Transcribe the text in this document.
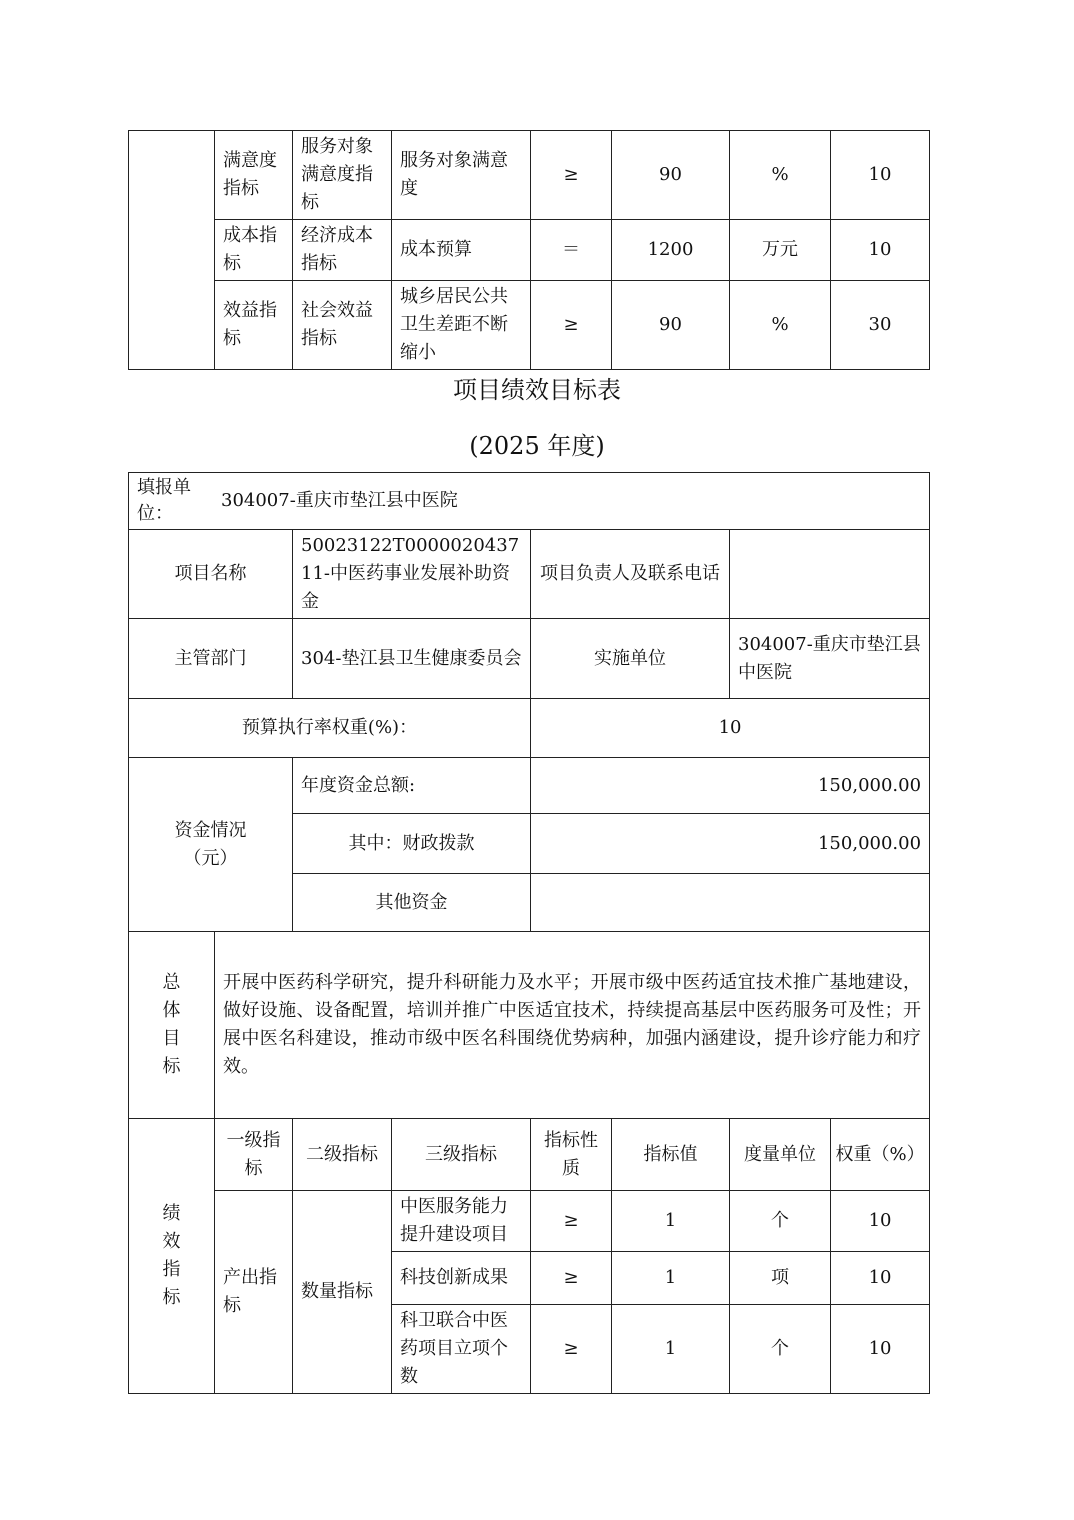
	满意度指标	服务对象满意度指标	服务对象满意度	≥	90	%	10
	成本指标	经济成本指标	成本预算	＝	1200	万元	10
	效益指标	社会效益指标	城乡居民公共卫生差距不断缩小	≥	90	%	30
项目绩效目标表
(2025 年度)
填报单位：
304007-重庆市垫江县中医院							

项目名称		50023122T000002043711-中医药事业发展补助资金		项目负责人及联系电话			
主管部门		304-垫江县卫生健康委员会		实施单位		304007-重庆市垫江县中医院	
预算执行率权重(%)：				10			

资金情况（元）		年度资金总额:		150,000.00			
		其中：财政拨款		150,000.00			
		其他资金					

总体目标	开展中医药科学研究，提升科研能力及水平；开展市级中医药适宜技术推广基地建设，做好设施、设备配置，培训并推广中医适宜技术，持续提高基层中医药服务可及性；开展中医名科建设，推动市级中医名科围绕优势病种，加强内涵建设，提升诊疗能力和疗效。						

绩效指标	一级指标	二级指标	三级指标	指标性质	指标值	度量单位	权重（%）
	产出指标	数量指标	中医服务能力提升建设项目	≥	1	个	10
			科技创新成果	≥	1	项	10
			科卫联合中医药项目立项个数	≥	1	个	10
